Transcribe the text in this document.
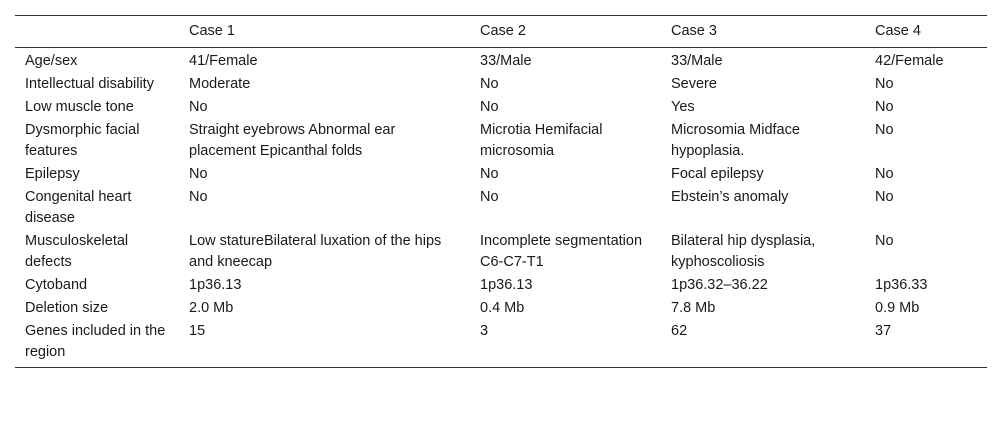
	Case 1	Case 2	Case 3	Case 4
Age/sex	41/Female	33/Male	33/Male	42/Female
Intellectual disability	Moderate	No	Severe	No
Low muscle tone	No	No	Yes	No
Dysmorphic facial features	Straight eyebrows Abnormal ear placement Epicanthal folds	Microtia Hemifacial microsomia	Microsomia Midface hypoplasia.	No
Epilepsy	No	No	Focal epilepsy	No
Congenital heart disease	No	No	Ebstein’s anomaly	No
Musculoskeletal defects	Low statureBilateral luxation of the hips and kneecap	Incomplete segmentation C6-C7-T1	Bilateral hip dysplasia, kyphoscoliosis	No
Cytoband	1p36.13	1p36.13	1p36.32–36.22	1p36.33
Deletion size	2.0 Mb	0.4 Mb	7.8 Mb	0.9 Mb
Genes included in the region	15	3	62	37
